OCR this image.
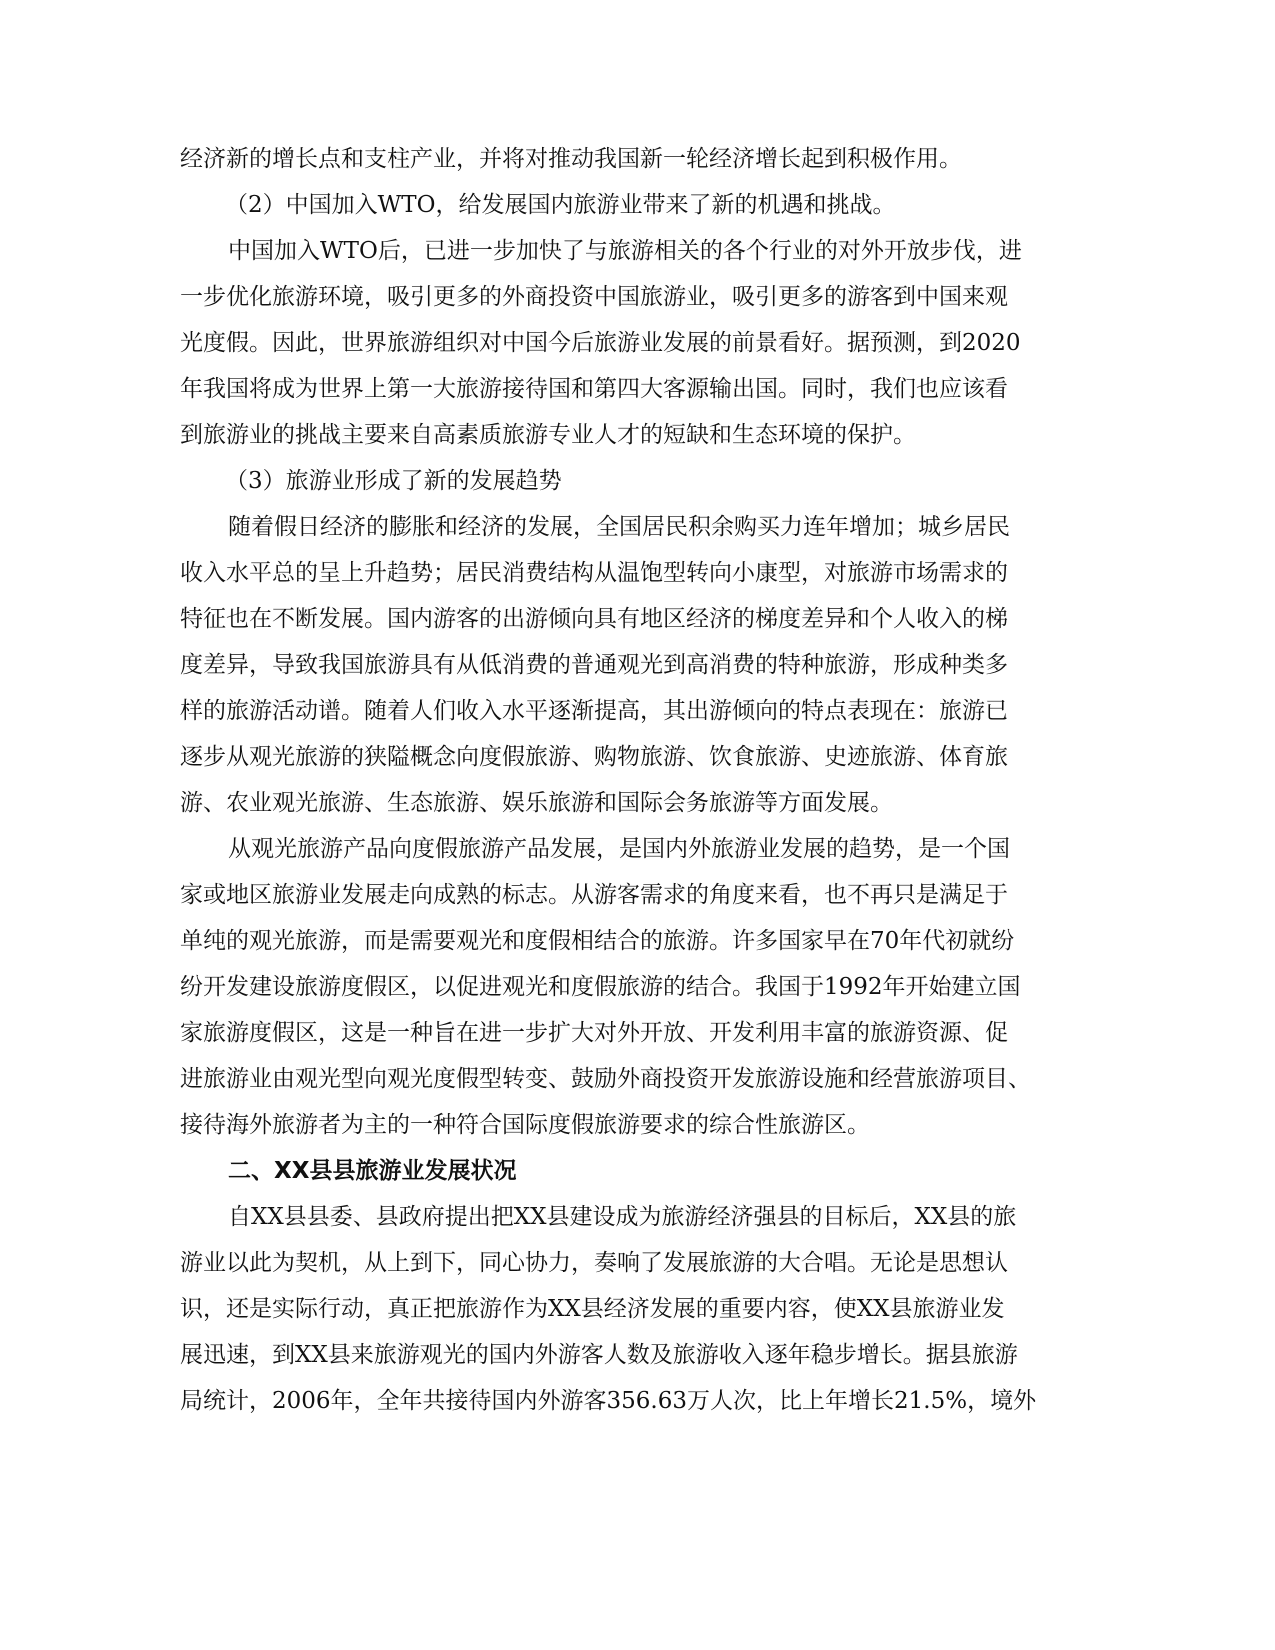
经济新的增长点和支柱产业，并将对推动我国新一轮经济增长起到积极作用。
（2）中国加入WTO，给发展国内旅游业带来了新的机遇和挑战。
中国加入WTO后，已进一步加快了与旅游相关的各个行业的对外开放步伐，进
一步优化旅游环境，吸引更多的外商投资中国旅游业，吸引更多的游客到中国来观
光度假。因此，世界旅游组织对中国今后旅游业发展的前景看好。据预测，到2020
年我国将成为世界上第一大旅游接待国和第四大客源输出国。同时，我们也应该看
到旅游业的挑战主要来自高素质旅游专业人才的短缺和生态环境的保护。
（3）旅游业形成了新的发展趋势
随着假日经济的膨胀和经济的发展，全国居民积余购买力连年增加；城乡居民
收入水平总的呈上升趋势；居民消费结构从温饱型转向小康型，对旅游市场需求的
特征也在不断发展。国内游客的出游倾向具有地区经济的梯度差异和个人收入的梯
度差异，导致我国旅游具有从低消费的普通观光到高消费的特种旅游，形成种类多
样的旅游活动谱。随着人们收入水平逐渐提高，其出游倾向的特点表现在：旅游已
逐步从观光旅游的狭隘概念向度假旅游、购物旅游、饮食旅游、史迹旅游、体育旅
游、农业观光旅游、生态旅游、娱乐旅游和国际会务旅游等方面发展。
从观光旅游产品向度假旅游产品发展，是国内外旅游业发展的趋势，是一个国
家或地区旅游业发展走向成熟的标志。从游客需求的角度来看，也不再只是满足于
单纯的观光旅游，而是需要观光和度假相结合的旅游。许多国家早在70年代初就纷
纷开发建设旅游度假区，以促进观光和度假旅游的结合。我国于1992年开始建立国
家旅游度假区，这是一种旨在进一步扩大对外开放、开发利用丰富的旅游资源、促
进旅游业由观光型向观光度假型转变、鼓励外商投资开发旅游设施和经营旅游项目、
接待海外旅游者为主的一种符合国际度假旅游要求的综合性旅游区。
二、XX县县旅游业发展状况
自XX县县委、县政府提出把XX县建设成为旅游经济强县的目标后，XX县的旅
游业以此为契机，从上到下，同心协力，奏响了发展旅游的大合唱。无论是思想认
识，还是实际行动，真正把旅游作为XX县经济发展的重要内容，使XX县旅游业发
展迅速，到XX县来旅游观光的国内外游客人数及旅游收入逐年稳步增长。据县旅游
局统计，2006年，全年共接待国内外游客356.63万人次，比上年增长21.5%，境外
